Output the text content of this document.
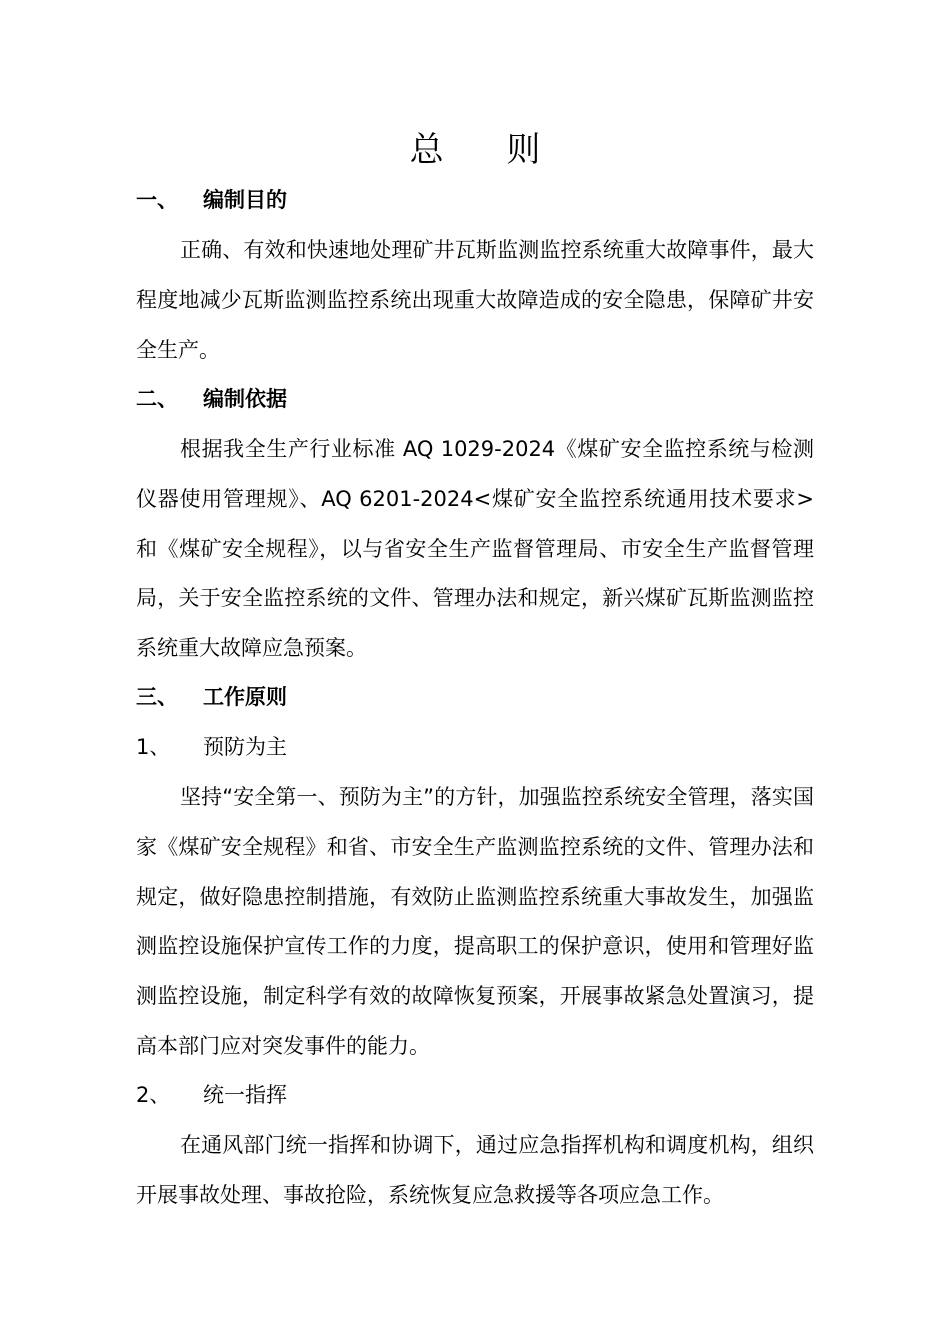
总 则
一、 编制目的

正确、有效和快速地处理矿井瓦斯监测监控系统重大故障事件，最大程度地减少瓦斯监测监控系统出现重大故障造成的安全隐患，保障矿井安全生产。

二、 编制依据

根据我全生产行业标准 AQ 1029-2024《煤矿安全监控系统与检测仪器使用管理规》、AQ 6201-2024<煤矿安全监控系统通用技术要求>和《煤矿安全规程》，以与省安全生产监督管理局、市安全生产监督管理局，关于安全监控系统的文件、管理办法和规定，新兴煤矿瓦斯监测监控系统重大故障应急预案。

三、 工作原则
1、 预防为主

坚持“安全第一、预防为主”的方针，加强监控系统安全管理，落实国家《煤矿安全规程》和省、市安全生产监测监控系统的文件、管理办法和规定，做好隐患控制措施，有效防止监测监控系统重大事故发生，加强监测监控设施保护宣传工作的力度，提高职工的保护意识，使用和管理好监测监控设施，制定科学有效的故障恢复预案，开展事故紧急处置演习，提高本部门应对突发事件的能力。

2、 统一指挥

在通风部门统一指挥和协调下，通过应急指挥机构和调度机构，组织开展事故处理、事故抢险，系统恢复应急救援等各项应急工作。
